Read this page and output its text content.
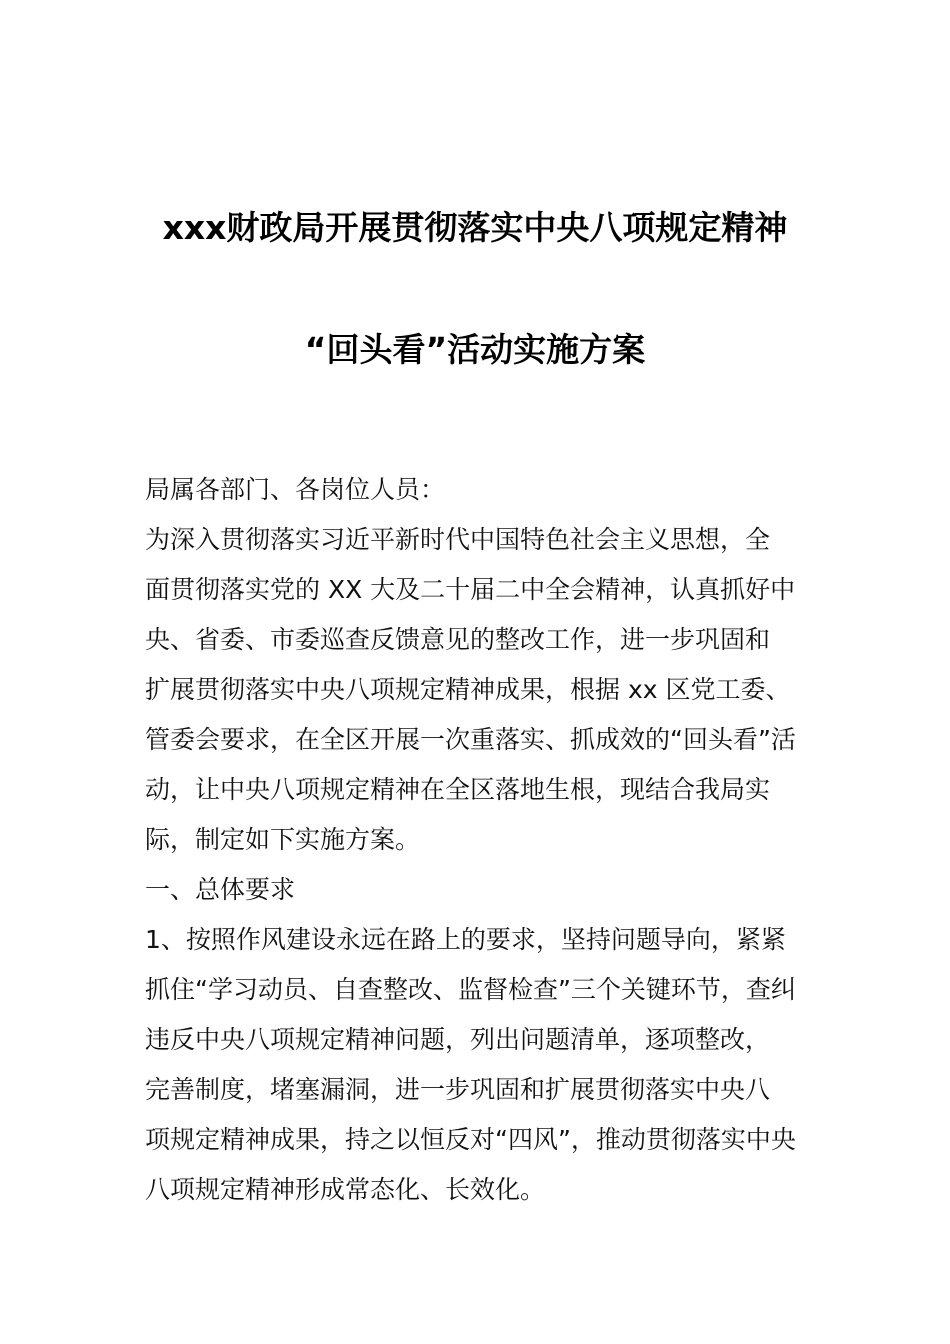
xxx财政局开展贯彻落实中央八项规定精神
“回头看”活动实施方案
局属各部门、各岗位人员：
为深入贯彻落实习近平新时代中国特色社会主义思想，全
面贯彻落实党的 XX 大及二十届二中全会精神，认真抓好中
央、省委、市委巡查反馈意见的整改工作，进一步巩固和
扩展贯彻落实中央八项规定精神成果，根据 xx 区党工委、
管委会要求，在全区开展一次重落实、抓成效的“回头看”活
动，让中央八项规定精神在全区落地生根，现结合我局实
际，制定如下实施方案。
一、总体要求
1、按照作风建设永远在路上的要求，坚持问题导向，紧紧
抓住“学习动员、自查整改、监督检查”三个关键环节，查纠
违反中央八项规定精神问题，列出问题清单，逐项整改，
完善制度，堵塞漏洞，进一步巩固和扩展贯彻落实中央八
项规定精神成果，持之以恒反对“四风”，推动贯彻落实中央
八项规定精神形成常态化、长效化。
